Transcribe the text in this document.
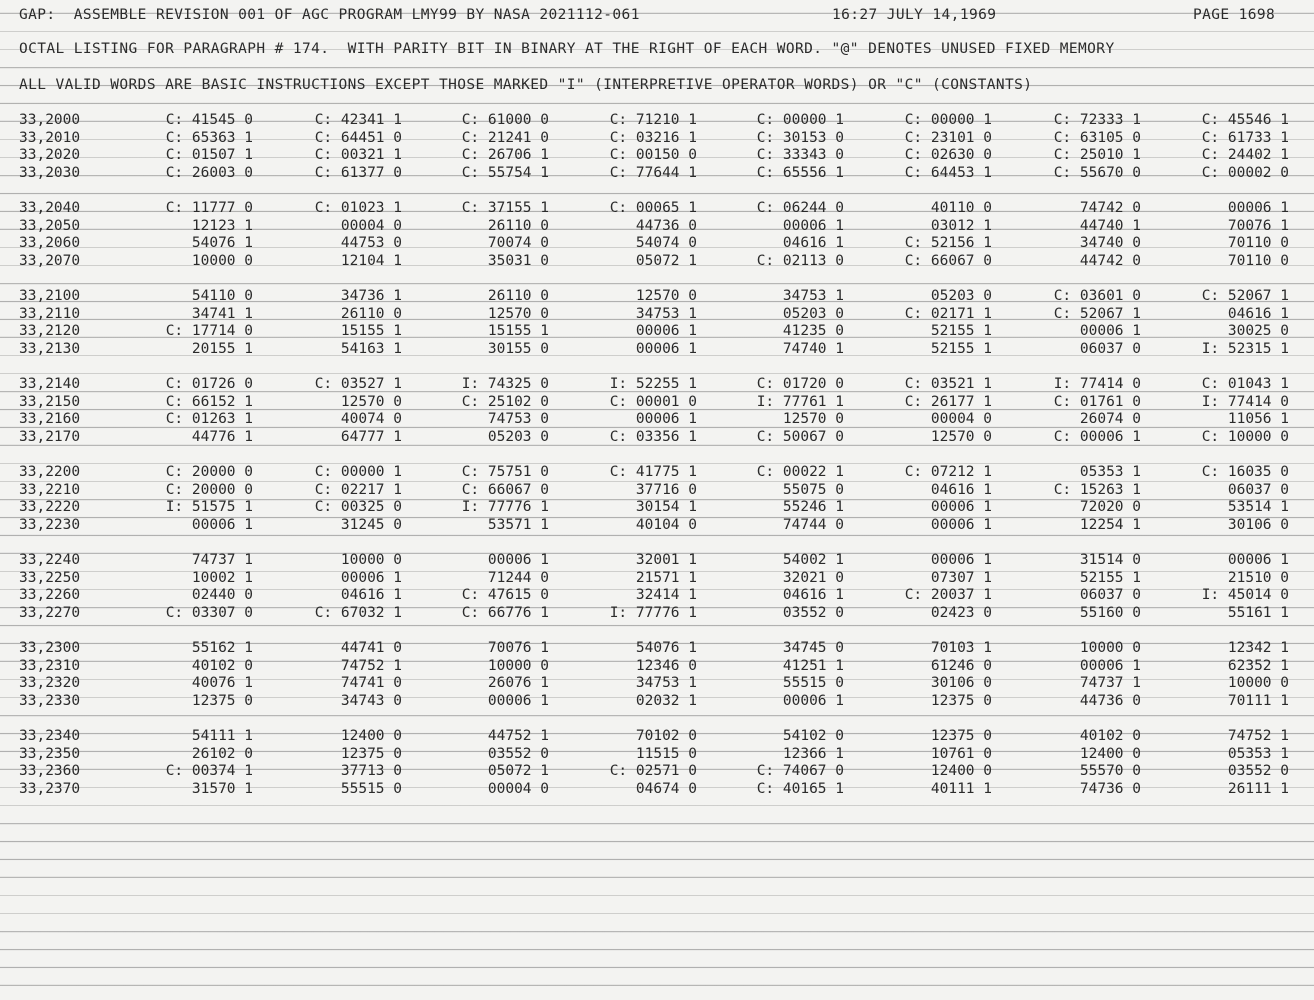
GAP:  ASSEMBLE REVISION 001 OF AGC PROGRAM LMY99 BY NASA 2021112-061

	16:27 JULY 14,1969

	PAGE 1698

OCTAL LISTING FOR PARAGRAPH # 174.  WITH PARITY BIT IN BINARY AT THE RIGHT OF EACH WORD. "@" DENOTES UNUSED FIXED MEMORY

ALL VALID WORDS ARE BASIC INSTRUCTIONS EXCEPT THOSE MARKED "I" (INTERPRETIVE OPERATOR WORDS) OR "C" (CONSTANTS)

33,2000	C: 41545 0	C: 42341 1	C: 61000 0	C: 71210 1	C: 00000 1	C: 00000 1	C: 72333 1	C: 45546 1
33,2010	C: 65363 1	C: 64451 0	C: 21241 0	C: 03216 1	C: 30153 0	C: 23101 0	C: 63105 0	C: 61733 1
33,2020	C: 01507 1	C: 00321 1	C: 26706 1	C: 00150 0	C: 33343 0	C: 02630 0	C: 25010 1	C: 24402 1
33,2030	C: 26003 0	C: 61377 0	C: 55754 1	C: 77644 1	C: 65556 1	C: 64453 1	C: 55670 0	C: 00002 0
33,2040	C: 11777 0	C: 01023 1	C: 37155 1	C: 00065 1	C: 06244 0	40110 0	74742 0	00006 1
33,2050	12123 1	00004 0	26110 0	44736 0	00006 1	03012 1	44740 1	70076 1
33,2060	54076 1	44753 0	70074 0	54074 0	04616 1	C: 52156 1	34740 0	70110 0
33,2070	10000 0	12104 1	35031 0	05072 1	C: 02113 0	C: 66067 0	44742 0	70110 0
33,2100	54110 0	34736 1	26110 0	12570 0	34753 1	05203 0	C: 03601 0	C: 52067 1
33,2110	34741 1	26110 0	12570 0	34753 1	05203 0	C: 02171 1	C: 52067 1	04616 1
33,2120	C: 17714 0	15155 1	15155 1	00006 1	41235 0	52155 1	00006 1	30025 0
33,2130	20155 1	54163 1	30155 0	00006 1	74740 1	52155 1	06037 0	I: 52315 1
33,2140	C: 01726 0	C: 03527 1	I: 74325 0	I: 52255 1	C: 01720 0	C: 03521 1	I: 77414 0	C: 01043 1
33,2150	C: 66152 1	12570 0	C: 25102 0	C: 00001 0	I: 77761 1	C: 26177 1	C: 01761 0	I: 77414 0
33,2160	C: 01263 1	40074 0	74753 0	00006 1	12570 0	00004 0	26074 0	11056 1
33,2170	44776 1	64777 1	05203 0	C: 03356 1	C: 50067 0	12570 0	C: 00006 1	C: 10000 0
33,2200	C: 20000 0	C: 00000 1	C: 75751 0	C: 41775 1	C: 00022 1	C: 07212 1	05353 1	C: 16035 0
33,2210	C: 20000 0	C: 02217 1	C: 66067 0	37716 0	55075 0	04616 1	C: 15263 1	06037 0
33,2220	I: 51575 1	C: 00325 0	I: 77776 1	30154 1	55246 1	00006 1	72020 0	53514 1
33,2230	00006 1	31245 0	53571 1	40104 0	74744 0	00006 1	12254 1	30106 0
33,2240	74737 1	10000 0	00006 1	32001 1	54002 1	00006 1	31514 0	00006 1
33,2250	10002 1	00006 1	71244 0	21571 1	32021 0	07307 1	52155 1	21510 0
33,2260	02440 0	04616 1	C: 47615 0	32414 1	04616 1	C: 20037 1	06037 0	I: 45014 0
33,2270	C: 03307 0	C: 67032 1	C: 66776 1	I: 77776 1	03552 0	02423 0	55160 0	55161 1
33,2300	55162 1	44741 0	70076 1	54076 1	34745 0	70103 1	10000 0	12342 1
33,2310	40102 0	74752 1	10000 0	12346 0	41251 1	61246 0	00006 1	62352 1
33,2320	40076 1	74741 0	26076 1	34753 1	55515 0	30106 0	74737 1	10000 0
33,2330	12375 0	34743 0	00006 1	02032 1	00006 1	12375 0	44736 0	70111 1
33,2340	54111 1	12400 0	44752 1	70102 0	54102 0	12375 0	40102 0	74752 1
33,2350	26102 0	12375 0	03552 0	11515 0	12366 1	10761 0	12400 0	05353 1
33,2360	C: 00374 1	37713 0	05072 1	C: 02571 0	C: 74067 0	12400 0	55570 0	03552 0
33,2370	31570 1	55515 0	00004 0	04674 0	C: 40165 1	40111 1	74736 0	26111 1
